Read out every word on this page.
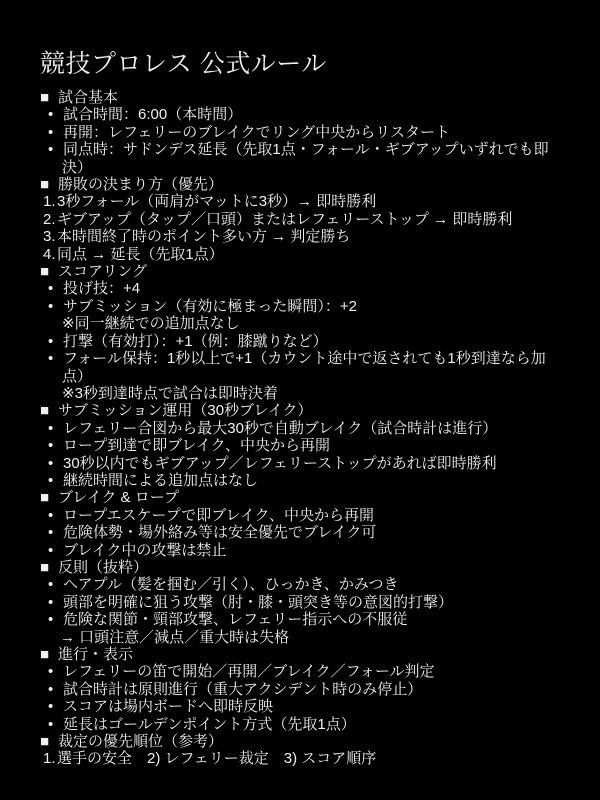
競技プロレス 公式ルール
■ 試合基本
• 試合時間：6:00（本時間）
• 再開：レフェリーのブレイクでリング中央からリスタート
• 同点時：サドンデス延長（先取1点・フォール・ギブアップいずれでも即
決）
■ 勝敗の決まり方（優先）
1.3秒フォール（両肩がマットに3秒）→ 即時勝利
2.ギブアップ（タップ／口頭）またはレフェリーストップ → 即時勝利
3.本時間終了時のポイント多い方 → 判定勝ち
4.同点 → 延長（先取1点）
■ スコアリング
• 投げ技：+4
• サブミッション（有効に極まった瞬間）：+2
※同一継続での追加点なし
• 打撃（有効打）：+1（例：膝蹴りなど）
• フォール保持：1秒以上で+1（カウント途中で返されても1秒到達なら加
点）
※3秒到達時点で試合は即時決着
■ サブミッション運用（30秒ブレイク）
• レフェリー合図から最大30秒で自動ブレイク（試合時計は進行）
• ロープ到達で即ブレイク、中央から再開
• 30秒以内でもギブアップ／レフェリーストップがあれば即時勝利
• 継続時間による追加点はなし
■ ブレイク & ロープ
• ロープエスケープで即ブレイク、中央から再開
• 危険体勢・場外絡み等は安全優先でブレイク可
• ブレイク中の攻撃は禁止
■ 反則（抜粋）
• ヘアプル（髪を掴む／引く）、ひっかき、かみつき
• 頭部を明確に狙う攻撃（肘・膝・頭突き等の意図的打撃）
• 危険な関節・頸部攻撃、レフェリー指示への不服従
→ 口頭注意／減点／重大時は失格
■ 進行・表示
• レフェリーの笛で開始／再開／ブレイク／フォール判定
• 試合時計は原則進行（重大アクシデント時のみ停止）
• スコアは場内ボードへ即時反映
• 延長はゴールデンポイント方式（先取1点）
■ 裁定の優先順位（参考）
1.選手の安全　2) レフェリー裁定　3) スコア順序
